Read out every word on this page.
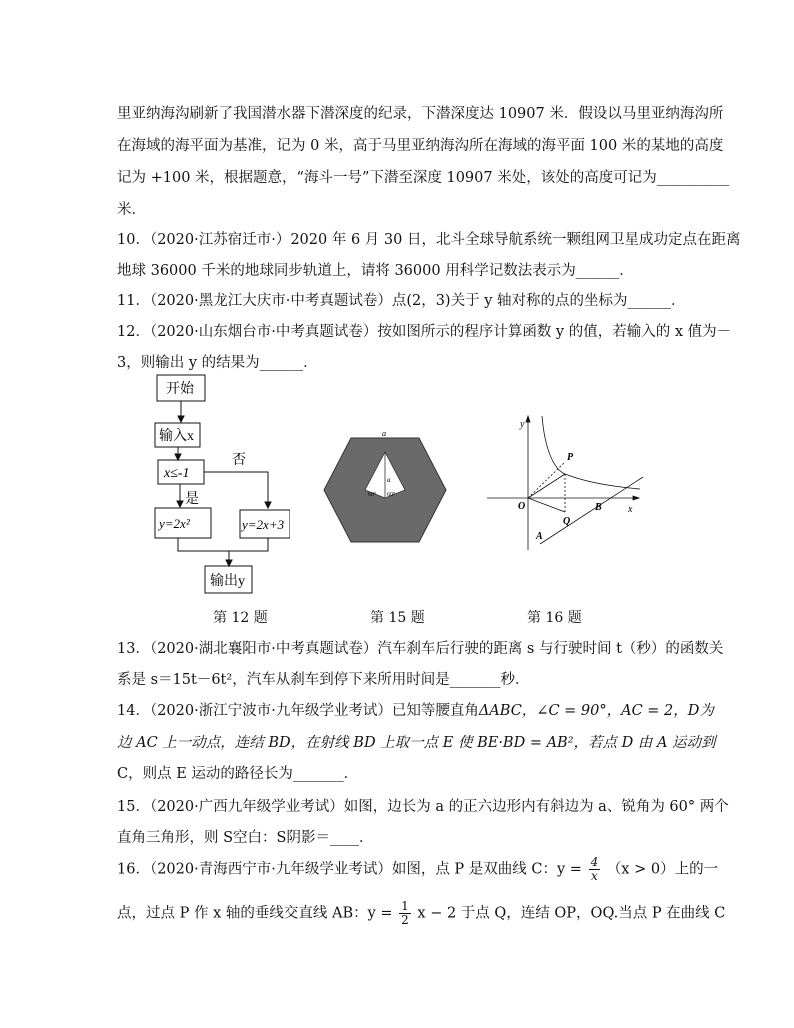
里亚纳海沟刷新了我国潜水器下潜深度的纪录，下潜深度达 10907 米．假设以马里亚纳海沟所
在海域的海平面为基准，记为 0 米，高于马里亚纳海沟所在海域的海平面 100 米的某地的高度
记为 +100 米，根据题意，“海斗一号”下潜至深度 10907 米处，该处的高度可记为__________
米．
10．（2020·江苏宿迁市·）2020 年 6 月 30 日，北斗全球导航系统一颗组网卫星成功定点在距离
地球 36000 千米的地球同步轨道上，请将 36000 用科学记数法表示为______．
11．（2020·黑龙江大庆市·中考真题试卷）点(2，3)关于 y 轴对称的点的坐标为______．
12．（2020·山东烟台市·中考真题试卷）按如图所示的程序计算函数 y 的值，若输入的 x 值为－
3，则输出 y 的结果为______．
开始
输入x
x≤-1
否
是
y=2x²	y=2x+3
输出y
a
a
60° 60°
y
x
O
P
Q
B
A
第 12 题	第 15 题	第 16 题
13．（2020·湖北襄阳市·中考真题试卷）汽车刹车后行驶的距离 s 与行驶时间 t（秒）的函数关
系是 s＝15t－6t²，汽车从刹车到停下来所用时间是_______秒．
14．（2020·浙江宁波市·九年级学业考试）已知等腰直角ΔABC，∠C = 90°，AC = 2，D为
边 AC 上一动点，连结 BD，在射线 BD 上取一点 E 使 BE·BD = AB²，若点 D 由 A 运动到
C，则点 E 运动的路径长为_______．
15．（2020·广西九年级学业考试）如图，边长为 a 的正六边形内有斜边为 a、锐角为 60° 两个
直角三角形，则 S空白：S阴影＝____．
16．（2020·青海西宁市·九年级学业考试）如图，点 P 是双曲线 C：$y = \frac{4}{x} (x > 0)$上的一
点，过点 P 作 x 轴的垂线交直线 AB：$y = \frac{1}{2}$ x − 2 于点 Q，连结 OP，OQ.当点 P 在曲线 C
